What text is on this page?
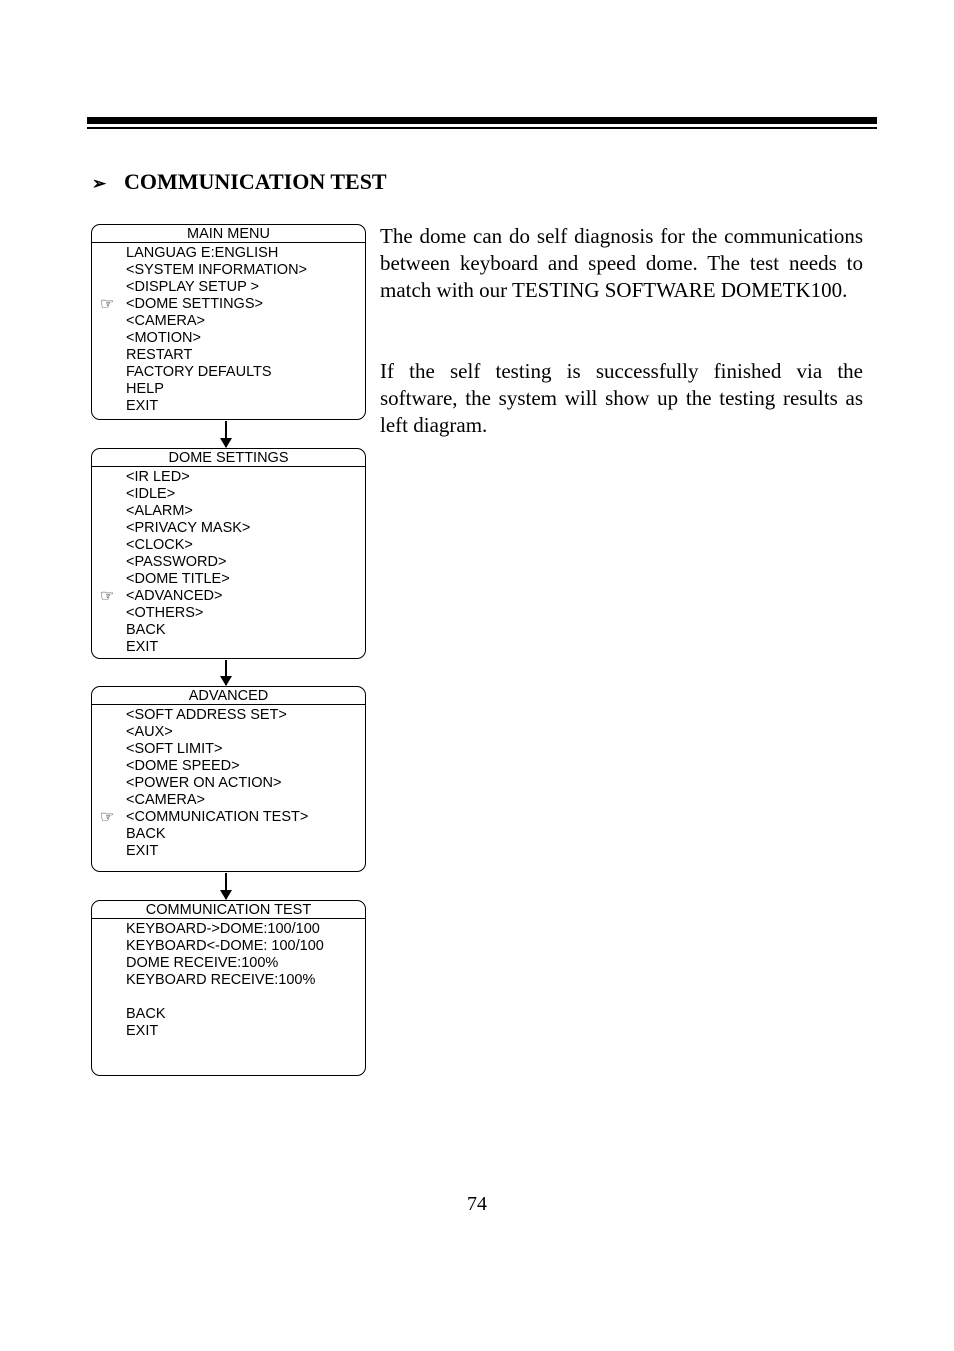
➢ COMMUNICATION TEST
MAIN MENU
LANGUAG E:ENGLISH
<SYSTEM INFORMATION>
<DISPLAY SETUP >
☞ <DOME SETTINGS>
<CAMERA>
<MOTION>
RESTART
FACTORY DEFAULTS
HELP
EXIT
DOME SETTINGS
<IR LED>
<IDLE>
<ALARM>
<PRIVACY MASK>
<CLOCK>
<PASSWORD>
<DOME TITLE>
☞ <ADVANCED>
<OTHERS>
BACK
EXIT
ADVANCED
<SOFT ADDRESS SET>
<AUX>
<SOFT LIMIT>
<DOME SPEED>
<POWER ON ACTION>
<CAMERA>
☞ <COMMUNICATION TEST>
BACK
EXIT
COMMUNICATION TEST
KEYBOARD->DOME:100/100
KEYBOARD<-DOME: 100/100
DOME RECEIVE:100%
KEYBOARD RECEIVE:100%
BACK
EXIT

The dome can do self diagnosis for the communications between keyboard and speed dome. The test needs to match with our TESTING SOFTWARE DOMETK100.

If the self testing is successfully finished via the software, the system will show up the testing results as left diagram.

74
